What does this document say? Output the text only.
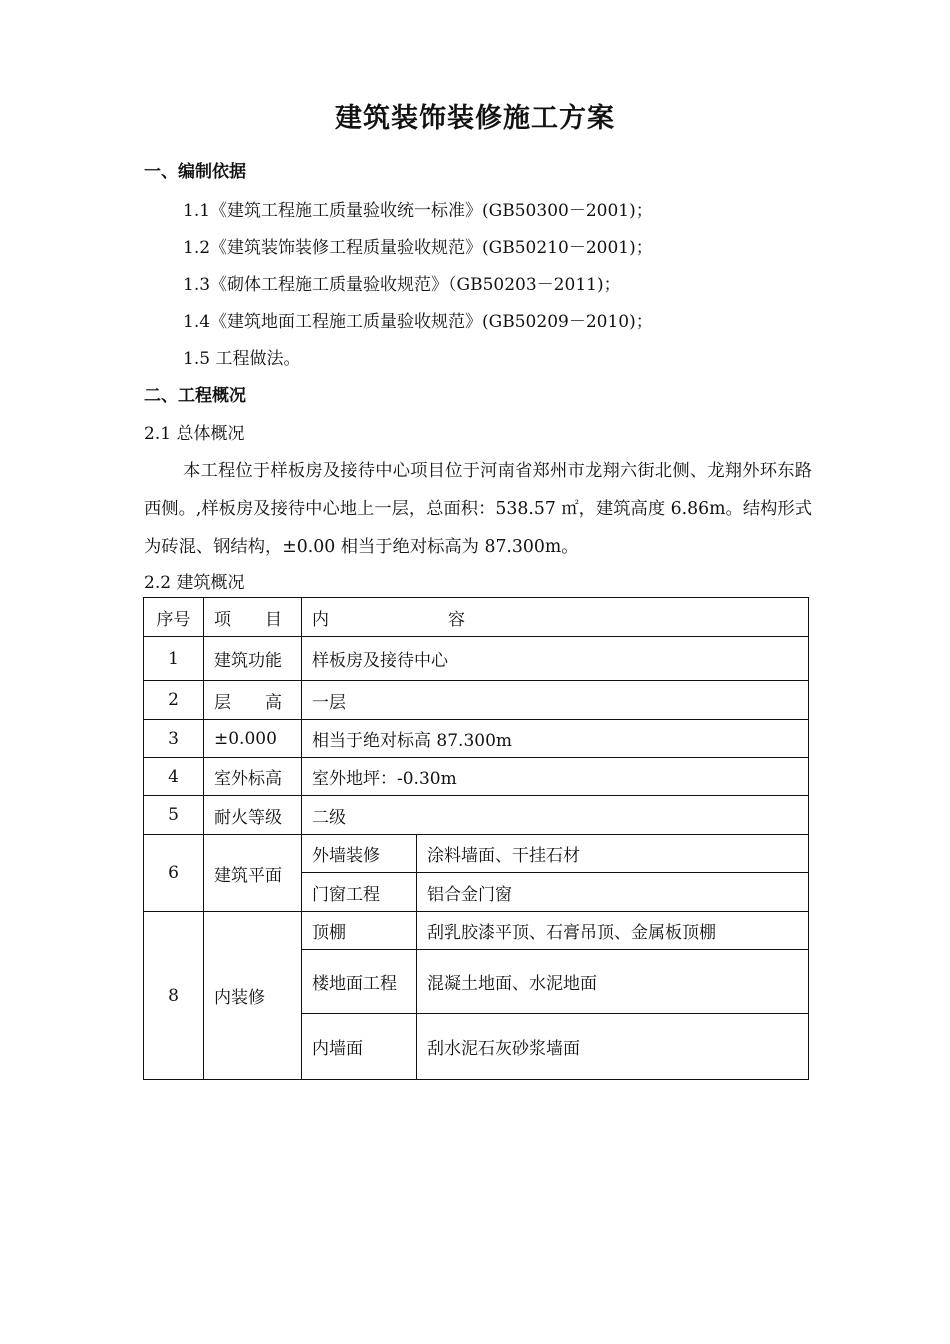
建筑装饰装修施工方案
一、编制依据
1.1《建筑工程施工质量验收统一标准》(GB50300－2001)；
1.2《建筑装饰装修工程质量验收规范》(GB50210－2001)；
1.3《砌体工程施工质量验收规范》（GB50203－2011)；
1.4《建筑地面工程施工质量验收规范》(GB50209－2010)；
1.5 工程做法。
二、工程概况
2.1 总体概况
本工程位于样板房及接待中心项目位于河南省郑州市龙翔六街北侧、龙翔外环东路西侧。,样板房及接待中心地上一层，总面积：538.57 ㎡，建筑高度 6.86m。结构形式为砖混、钢结构，±0.00 相当于绝对标高为 87.300m。
2.2 建筑概况
序号	项　　目	内　　　　　　　容	
1	建筑功能	样板房及接待中心	
2	层　　高	一层	
3	±0.000	相当于绝对标高 87.300m	
4	室外标高	室外地坪：-0.30m	
5	耐火等级	二级	
6	建筑平面	外墙装修	涂料墙面、干挂石材
		门窗工程	铝合金门窗
8	内装修	顶棚	刮乳胶漆平顶、石膏吊顶、金属板顶棚
		楼地面工程	混凝土地面、水泥地面
		内墙面	刮水泥石灰砂浆墙面
